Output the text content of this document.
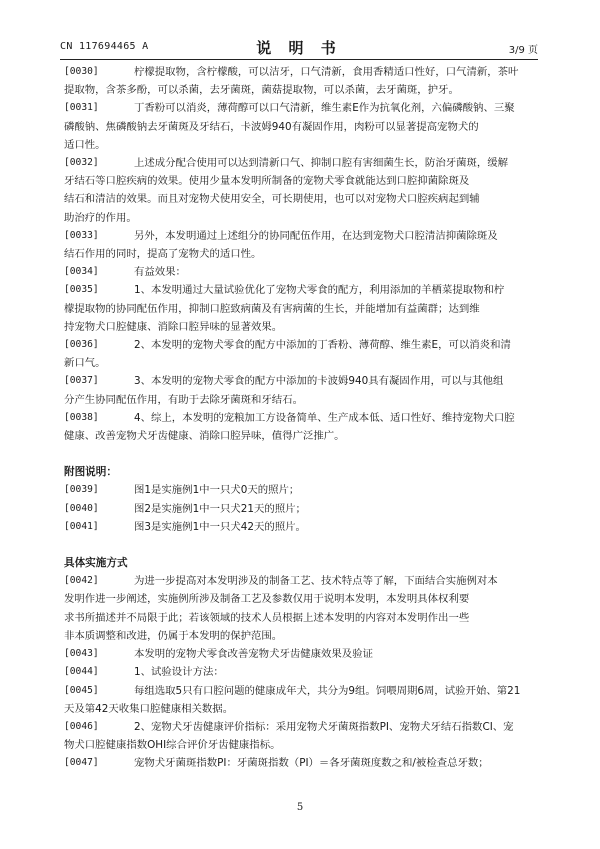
CN 117694465 A	说 明 书	3/9 页
[0030]	柠檬提取物，含柠檬酸，可以洁牙，口气清新，食用香精适口性好，口气清新，茶叶
提取物，含茶多酚，可以杀菌，去牙菌斑，菌菇提取物，可以杀菌，去牙菌斑，护牙。
[0031]	丁香粉可以消炎，薄荷醇可以口气清新，维生素E作为抗氧化剂，六偏磷酸钠、三聚
磷酸钠、焦磷酸钠去牙菌斑及牙结石，卡波姆940有凝固作用，肉粉可以显著提高宠物犬的
适口性。
[0032]	上述成分配合使用可以达到清新口气、抑制口腔有害细菌生长，防治牙菌斑，缓解
牙结石等口腔疾病的效果。使用少量本发明所制备的宠物犬零食就能达到口腔抑菌除斑及
结石和清洁的效果。而且对宠物犬使用安全，可长期使用，也可以对宠物犬口腔疾病起到辅
助治疗的作用。
[0033]	另外，本发明通过上述组分的协同配伍作用，在达到宠物犬口腔清洁抑菌除斑及
结石作用的同时，提高了宠物犬的适口性。
[0034]	有益效果：
[0035]	1、本发明通过大量试验优化了宠物犬零食的配方，利用添加的羊栖菜提取物和柠
檬提取物的协同配伍作用，抑制口腔致病菌及有害病菌的生长，并能增加有益菌群；达到维
持宠物犬口腔健康、消除口腔异味的显著效果。
[0036]	2、本发明的宠物犬零食的配方中添加的丁香粉、薄荷醇、维生素E，可以消炎和清
新口气。
[0037]	3、本发明的宠物犬零食的配方中添加的卡波姆940具有凝固作用，可以与其他组
分产生协同配伍作用，有助于去除牙菌斑和牙结石。
[0038]	4、综上，本发明的宠粮加工方设备简单、生产成本低、适口性好、维持宠物犬口腔
健康、改善宠物犬牙齿健康、消除口腔异味，值得广泛推广。
附图说明：
[0039]	图1是实施例1中一只犬0天的照片；
[0040]	图2是实施例1中一只犬21天的照片；
[0041]	图3是实施例1中一只犬42天的照片。
具体实施方式
[0042]	为进一步提高对本发明涉及的制备工艺、技术特点等了解，下面结合实施例对本
发明作进一步阐述，实施例所涉及制备工艺及参数仅用于说明本发明，本发明具体权利要
求书所描述并不局限于此；若该领域的技术人员根据上述本发明的内容对本发明作出一些
非本质调整和改进，仍属于本发明的保护范围。
[0043]	本发明的宠物犬零食改善宠物犬牙齿健康效果及验证
[0044]	1、试验设计方法：
[0045]	每组选取5只有口腔问题的健康成年犬，共分为9组。饲喂周期6周，试验开始、第21
天及第42天收集口腔健康相关数据。
[0046]	2、宠物犬牙齿健康评价指标：采用宠物犬牙菌斑指数PI、宠物犬牙结石指数CI、宠
物犬口腔健康指数OHI综合评价牙齿健康指标。
[0047]	宠物犬牙菌斑指数PI：牙菌斑指数（PI）＝各牙菌斑度数之和/被检查总牙数；
5
